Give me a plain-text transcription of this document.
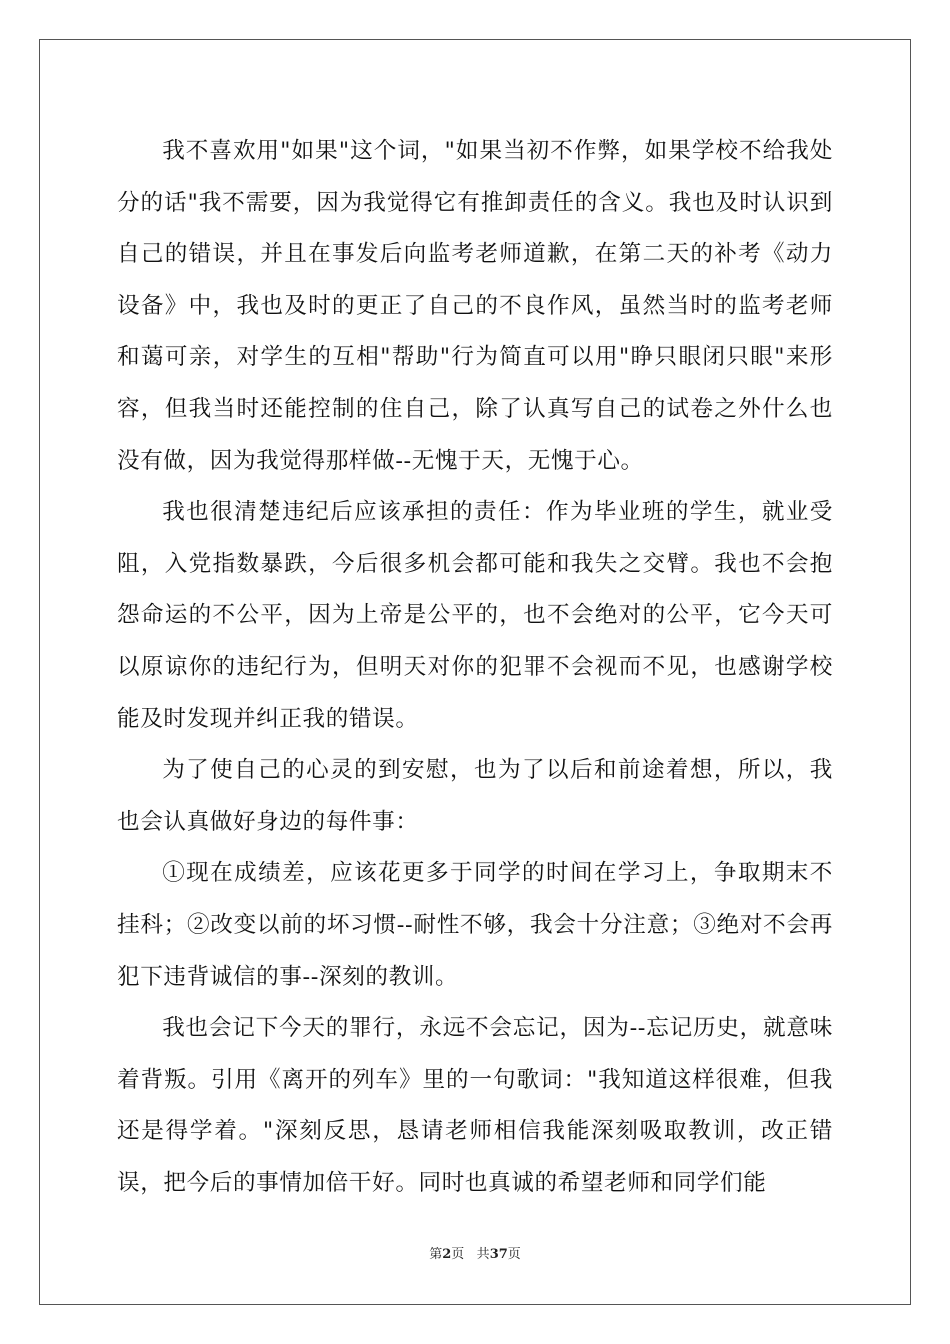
我不喜欢用"如果"这个词，"如果当初不作弊，如果学校不给我处分的话"我不需要，因为我觉得它有推卸责任的含义。我也及时认识到自己的错误，并且在事发后向监考老师道歉，在第二天的补考《动力设备》中，我也及时的更正了自己的不良作风，虽然当时的监考老师和蔼可亲，对学生的互相"帮助"行为简直可以用"睁只眼闭只眼"来形容，但我当时还能控制的住自己，除了认真写自己的试卷之外什么也没有做，因为我觉得那样做--无愧于天，无愧于心。

我也很清楚违纪后应该承担的责任：作为毕业班的学生，就业受阻，入党指数暴跌，今后很多机会都可能和我失之交臂。我也不会抱怨命运的不公平，因为上帝是公平的，也不会绝对的公平，它今天可以原谅你的违纪行为，但明天对你的犯罪不会视而不见，也感谢学校能及时发现并纠正我的错误。

为了使自己的心灵的到安慰，也为了以后和前途着想，所以，我也会认真做好身边的每件事：

①现在成绩差，应该花更多于同学的时间在学习上，争取期末不挂科；②改变以前的坏习惯--耐性不够，我会十分注意；③绝对不会再犯下违背诚信的事--深刻的教训。

我也会记下今天的罪行，永远不会忘记，因为--忘记历史，就意味着背叛。引用《离开的列车》里的一句歌词："我知道这样很难，但我还是得学着。"深刻反思，恳请老师相信我能深刻吸取教训，改正错误，把今后的事情加倍干好。同时也真诚的希望老师和同学们能

第2页 共37页
